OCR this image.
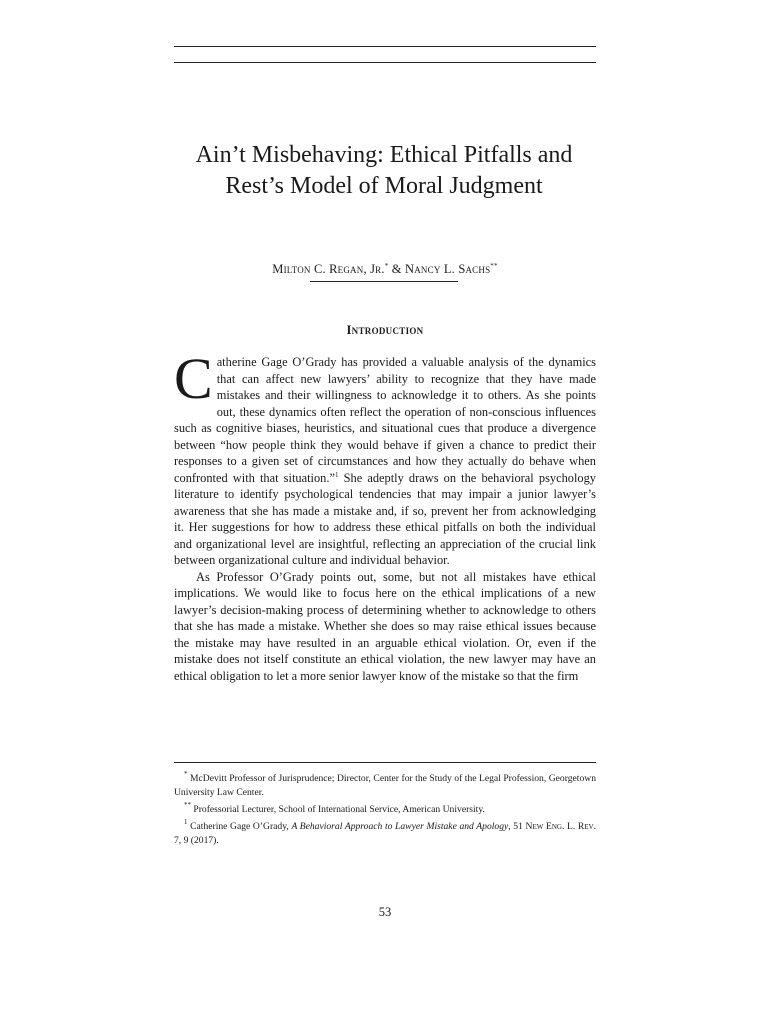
Ain’t Misbehaving: Ethical Pitfalls and
Rest’s Model of Moral Judgment
Milton C. Regan, Jr.* & Nancy L. Sachs**
Introduction

Catherine Gage O’Grady has provided a valuable analysis of the dynamics that can affect new lawyers’ ability to recognize that they have made mistakes and their willingness to acknowledge it to others. As she points out, these dynamics often reflect the operation of non-conscious influences such as cognitive biases, heuristics, and situational cues that produce a divergence between “how people think they would behave if given a chance to predict their responses to a given set of circumstances and how they actually do behave when confronted with that situation.”$^1$ She adeptly draws on the behavioral psychology literature to identify psychological tendencies that may impair a junior lawyer’s awareness that she has made a mistake and, if so, prevent her from acknowledging it. Her suggestions for how to address these ethical pitfalls on both the individual and organizational level are insightful, reflecting an appreciation of the crucial link between organizational culture and individual behavior.

As Professor O’Grady points out, some, but not all mistakes have ethical implications. We would like to focus here on the ethical implications of a new lawyer’s decision-making process of determining whether to acknowledge to others that she has made a mistake. Whether she does so may raise ethical issues because the mistake may have resulted in an arguable ethical violation. Or, even if the mistake does not itself constitute an ethical violation, the new lawyer may have an ethical obligation to let a more senior lawyer know of the mistake so that the firm

* McDevitt Professor of Jurisprudence; Director, Center for the Study of the Legal Profession, Georgetown University Law Center.

** Professorial Lecturer, School of International Service, American University.

$^1$ Catherine Gage O’Grady, A Behavioral Approach to Lawyer Mistake and Apology, 51 New Eng. L. Rev. 7, 9 (2017).

53
